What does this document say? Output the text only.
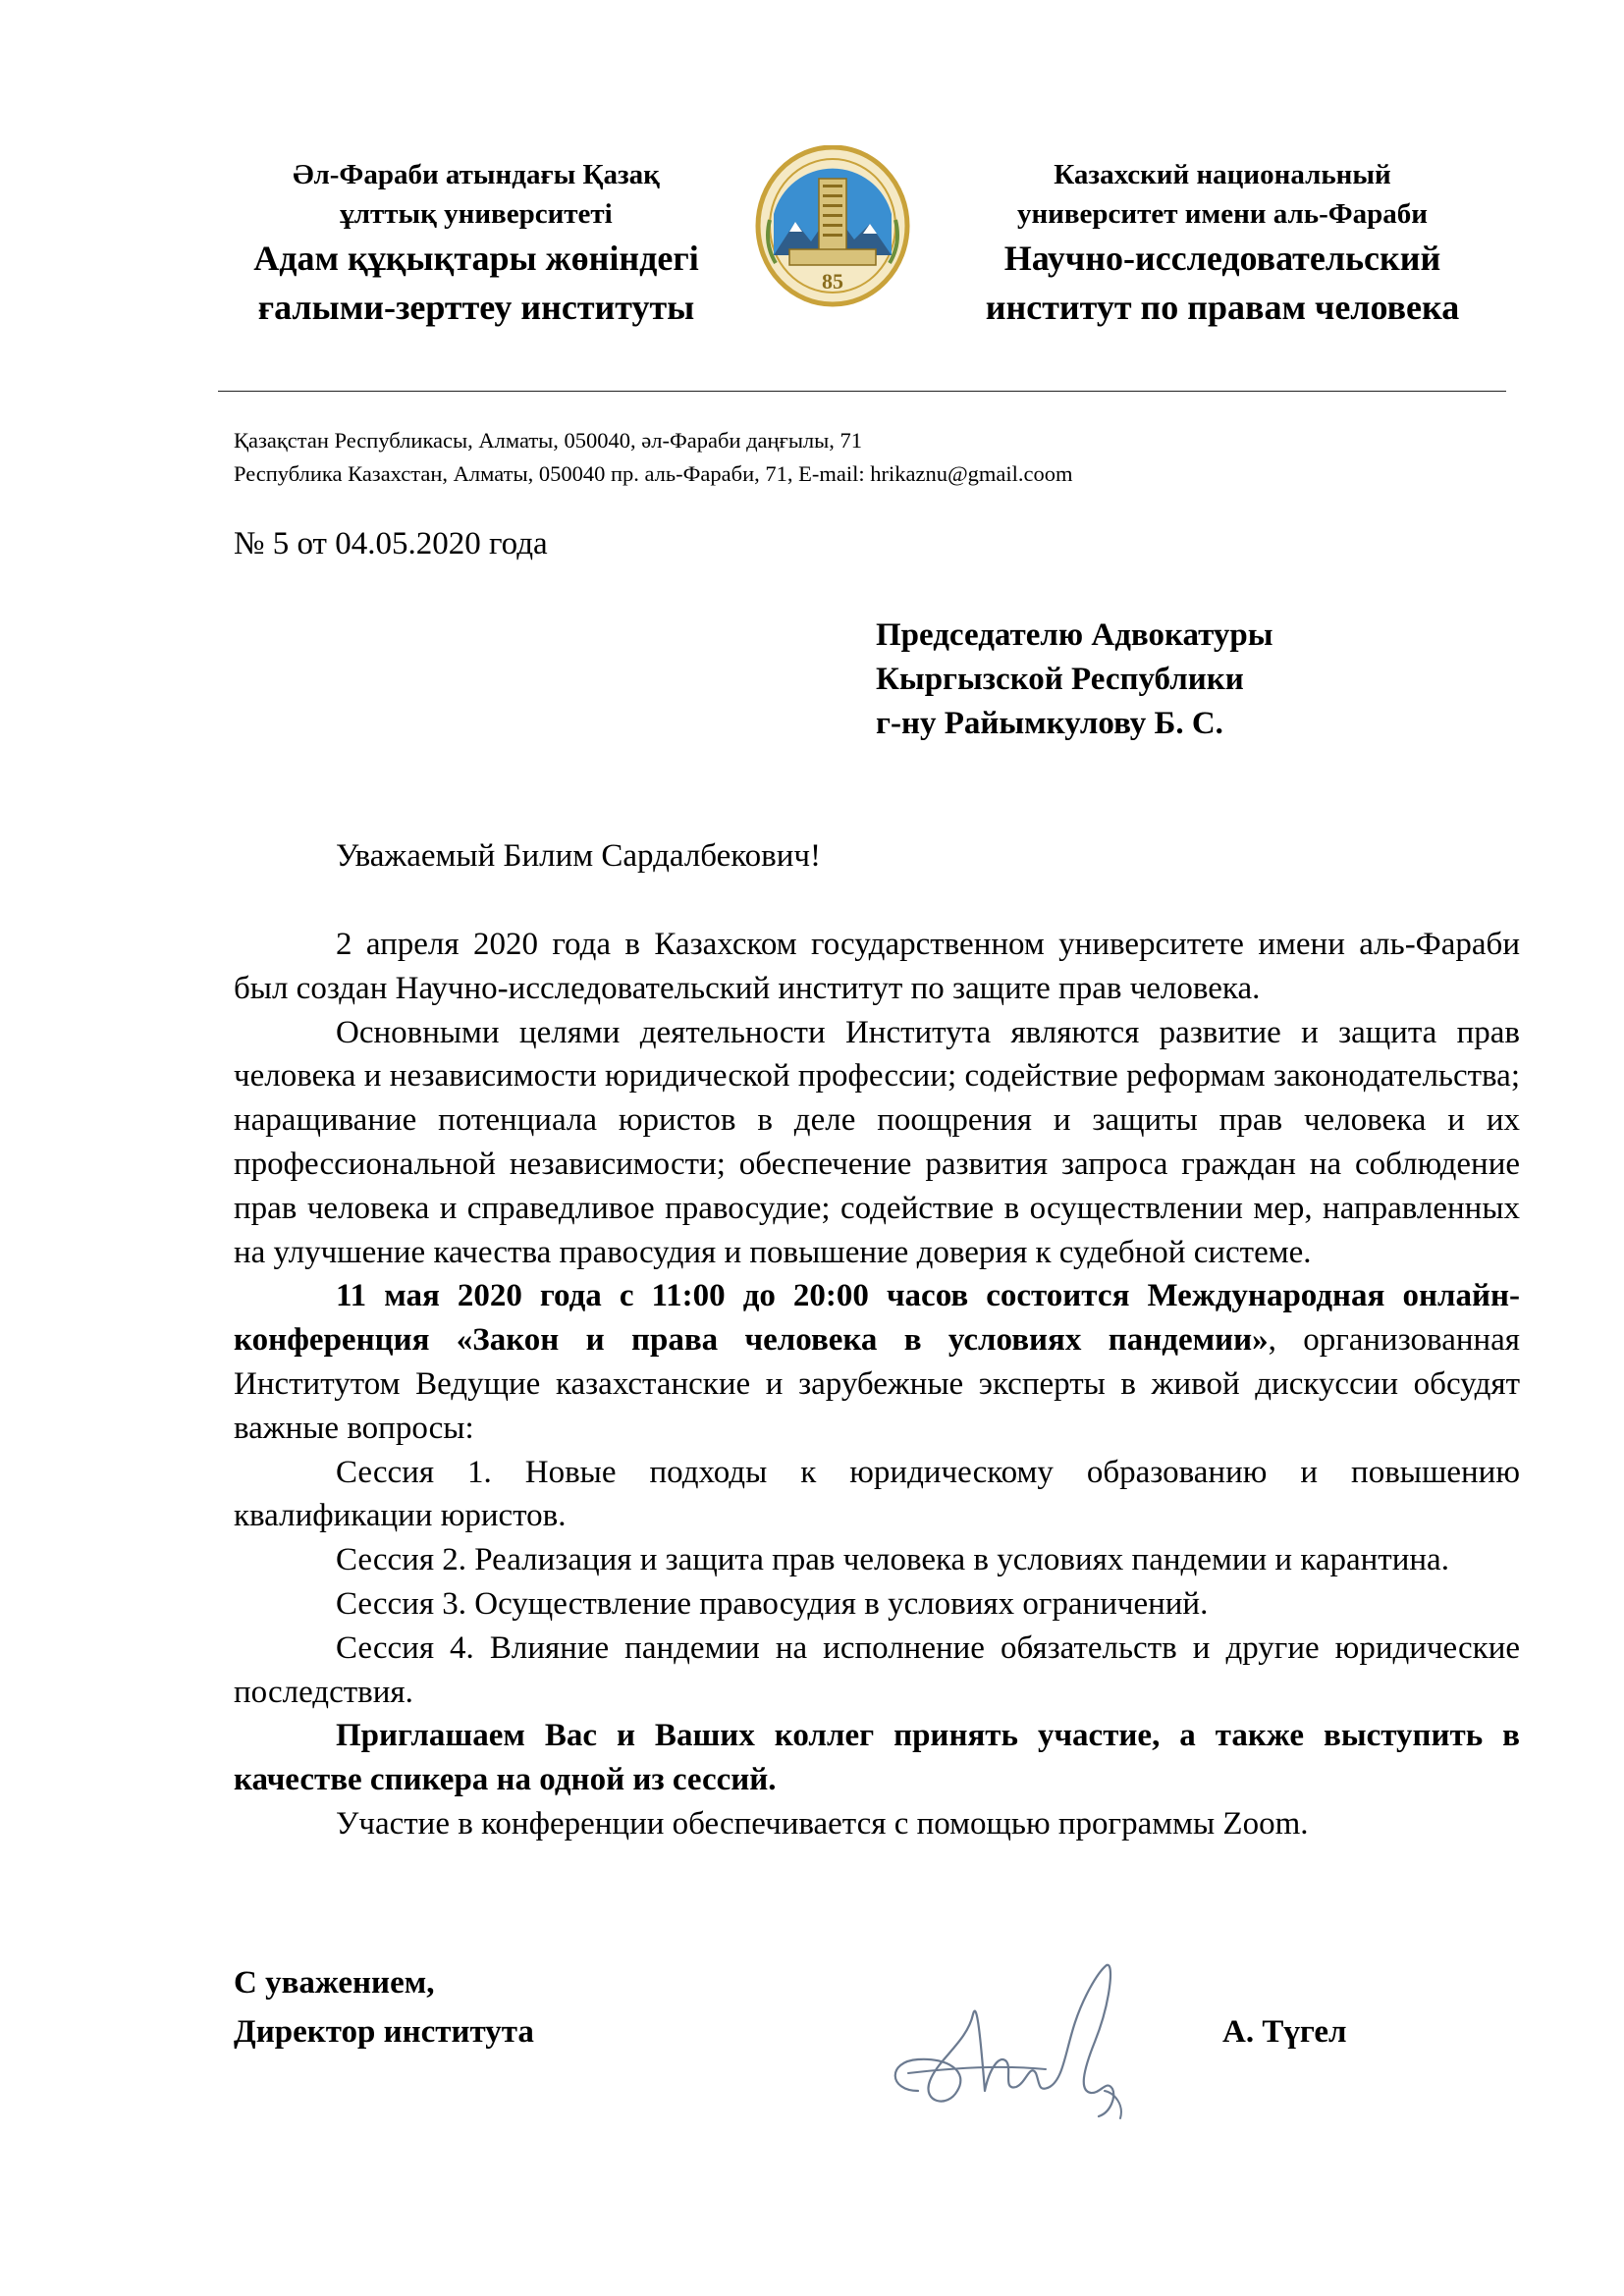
Әл-Фараби атындағы Қазақ
ұлттық университеті
Адам құқықтары жөніндегі
ғалыми-зерттеу институты
85
Казахский национальный
университет имени аль-Фараби
Научно-исследовательский
институт по правам человека
Қазақстан Республикасы, Алматы, 050040, әл-Фараби даңғылы, 71
Республика Казахстан, Алматы, 050040 пр. аль-Фараби, 71, E-mail: hrikaznu@gmail.coom
№ 5 от 04.05.2020 года
Председателю Адвокатуры
Кыргызской Республики
г-ну Райымкулову Б. С.
Уважаемый Билим Сардалбекович!

2 апреля 2020 года в Казахском государственном университете имени аль-Фараби был создан Научно-исследовательский институт по защите прав человека.

Основными целями деятельности Института являются развитие и защита прав человека и независимости юридической профессии; содействие реформам законодательства; наращивание потенциала юристов в деле поощрения и защиты прав человека и их профессиональной независимости; обеспечение развития запроса граждан на соблюдение прав человека и справедливое правосудие; содействие в осуществлении мер, направленных на улучшение качества правосудия и повышение доверия к судебной системе.

11 мая 2020 года с 11:00 до 20:00 часов состоится Международная онлайн-конференция «Закон и права человека в условиях пандемии», организованная Институтом Ведущие казахстанские и зарубежные эксперты в живой дискуссии обсудят важные вопросы:

Сессия 1. Новые подходы к юридическому образованию и повышению квалификации юристов.

Сессия 2. Реализация и защита прав человека в условиях пандемии и карантина.

Сессия 3. Осуществление правосудия в условиях ограничений.

Сессия 4. Влияние пандемии на исполнение обязательств и другие юридические последствия.

Приглашаем Вас и Ваших коллег принять участие, а также выступить в качестве спикера на одной из сессий.

Участие в конференции обеспечивается с помощью программы Zoom.

С уважением,
Директор института	А. Түгел
